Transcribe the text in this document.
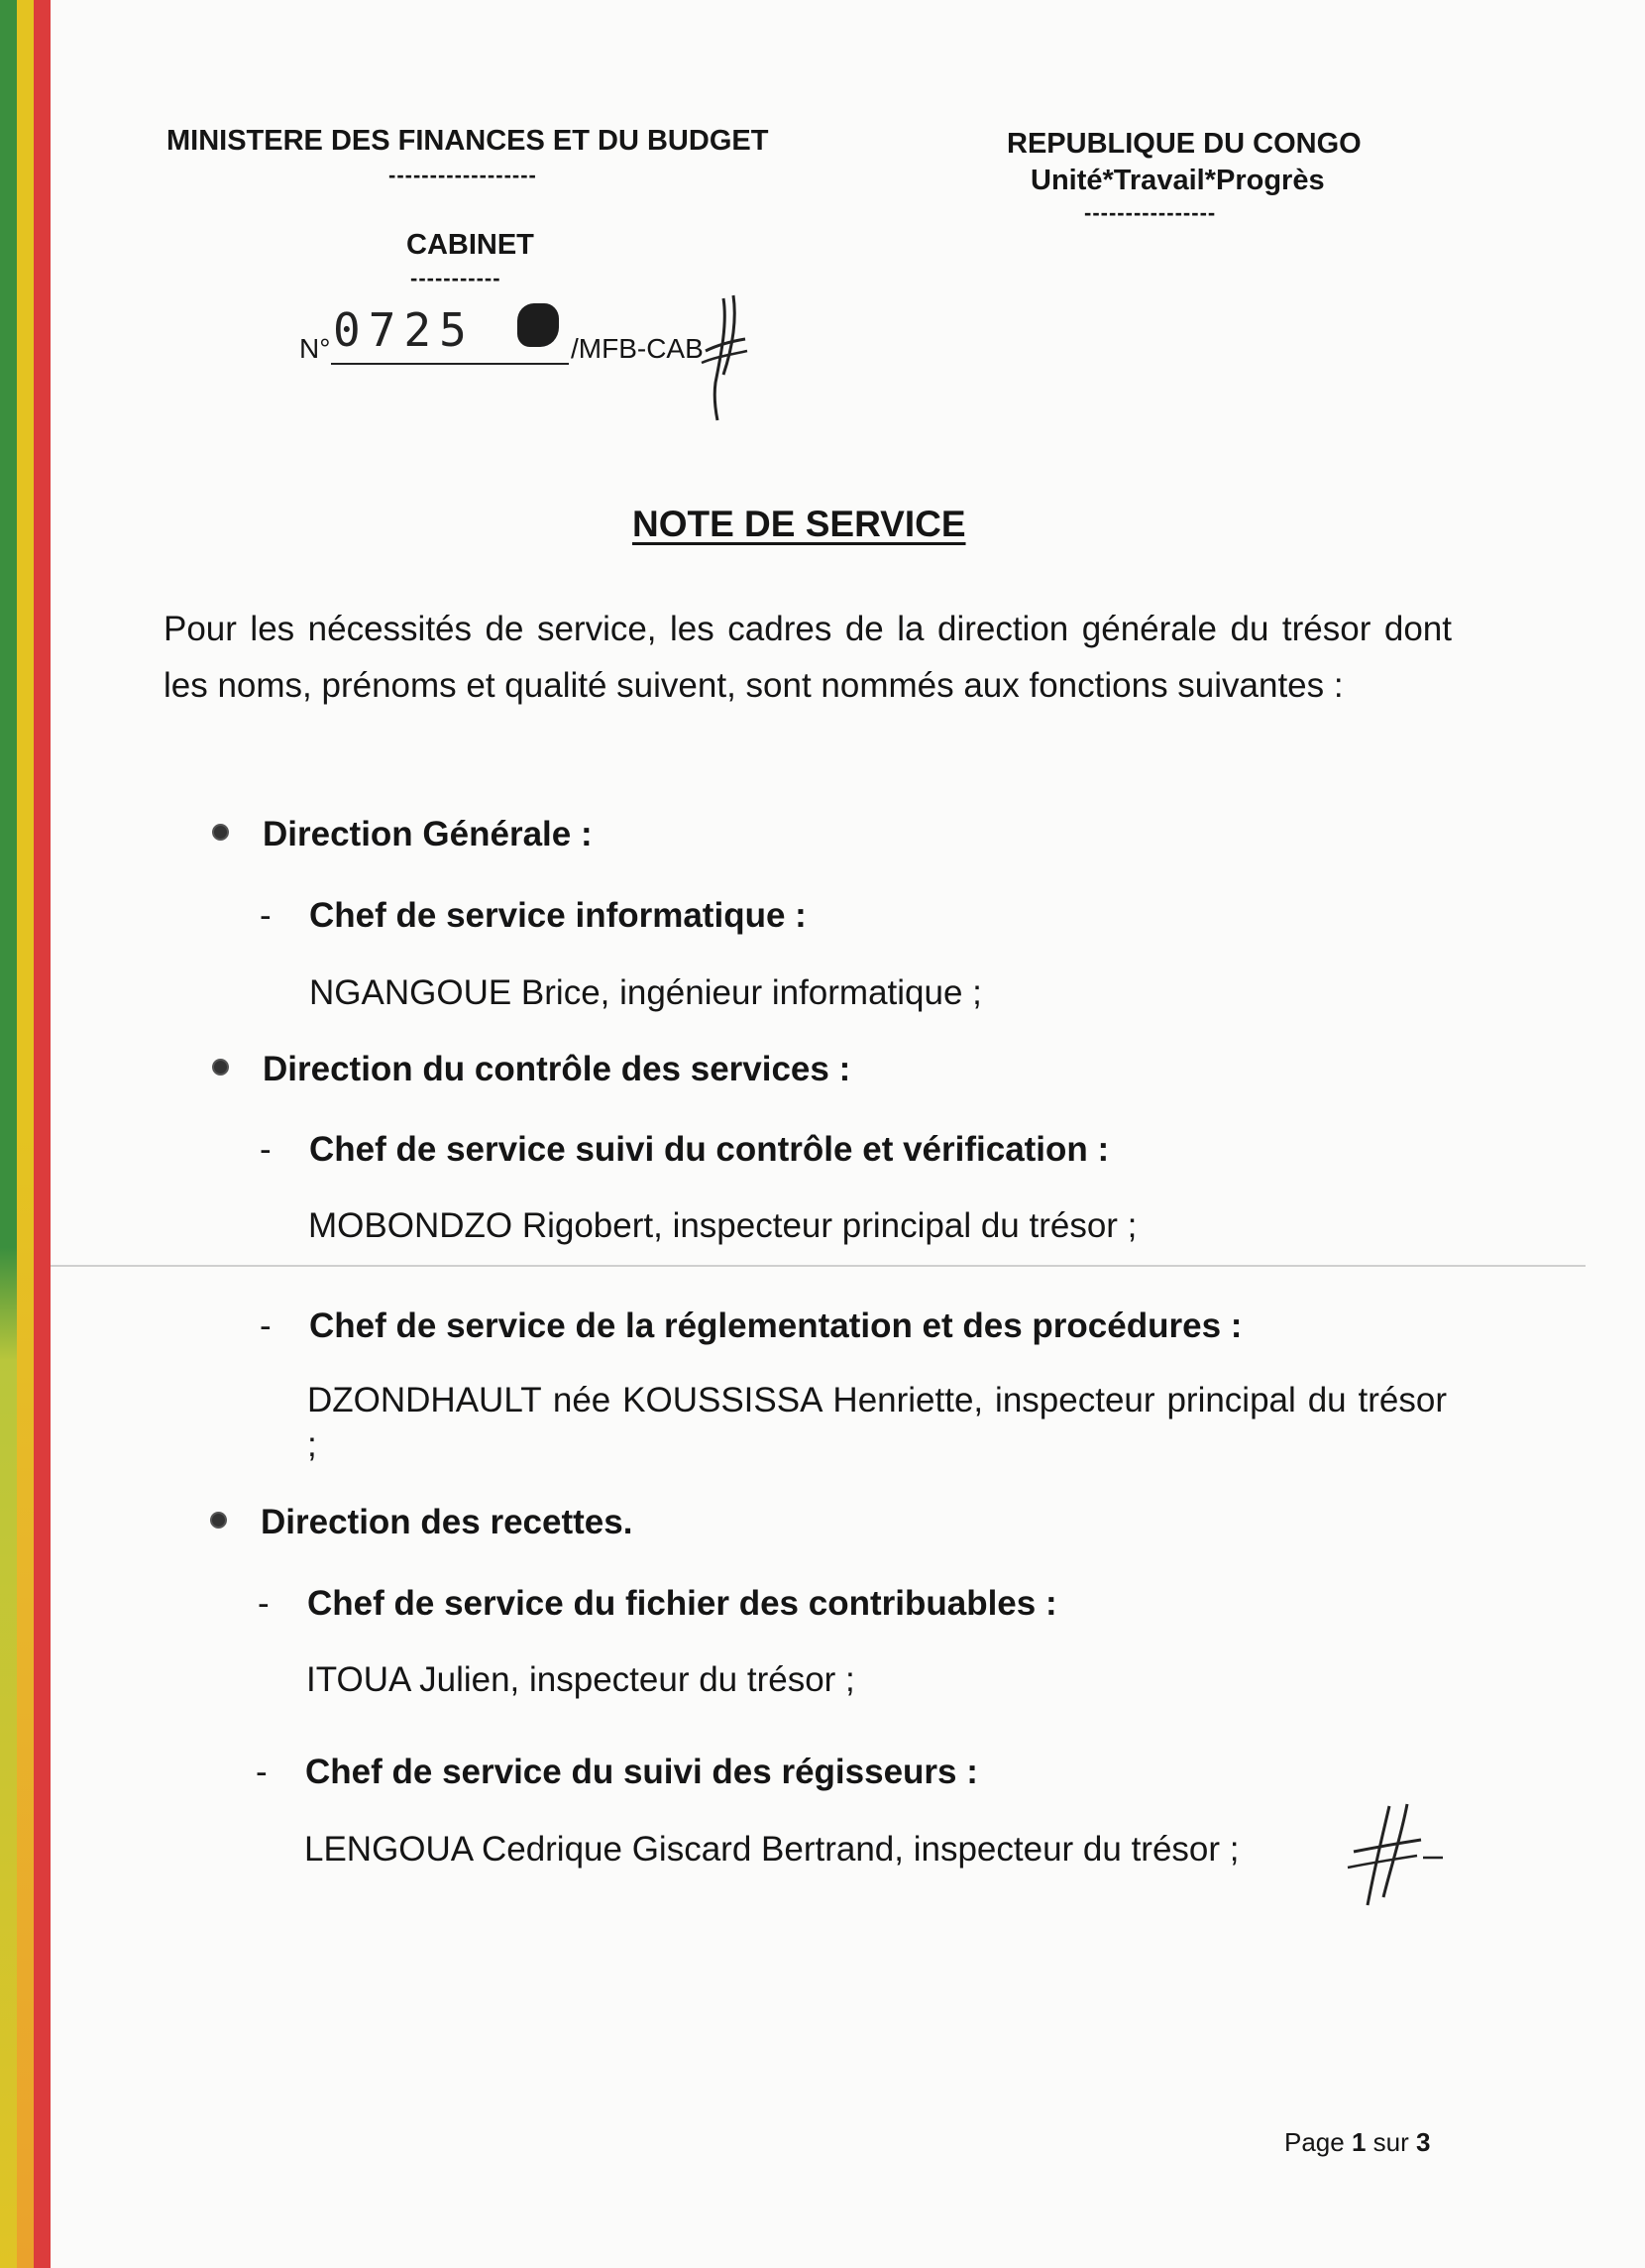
MINISTERE DES FINANCES ET DU BUDGET
------------------
CABINET
-----------
REPUBLIQUE DU CONGO
Unité*Travail*Progrès
----------------
N° 0725	/MFB-CAB
NOTE DE SERVICE
Pour les nécessités de service, les cadres de la direction générale du trésor dont les noms, prénoms et qualité suivent, sont nommés aux fonctions suivantes :
Direction Générale :
- Chef de service informatique :
NGANGOUE Brice, ingénieur informatique ;
Direction du contrôle des services :
- Chef de service suivi du contrôle et vérification :
MOBONDZO Rigobert, inspecteur principal du trésor ;
- Chef de service de la réglementation et des procédures :
DZONDHAULT née KOUSSISSA Henriette, inspecteur principal du trésor ;
Direction des recettes.
- Chef de service du fichier des contribuables :
ITOUA Julien, inspecteur du trésor ;
- Chef de service du suivi des régisseurs :
LENGOUA Cedrique Giscard Bertrand, inspecteur du trésor ;
Page 1 sur 3
